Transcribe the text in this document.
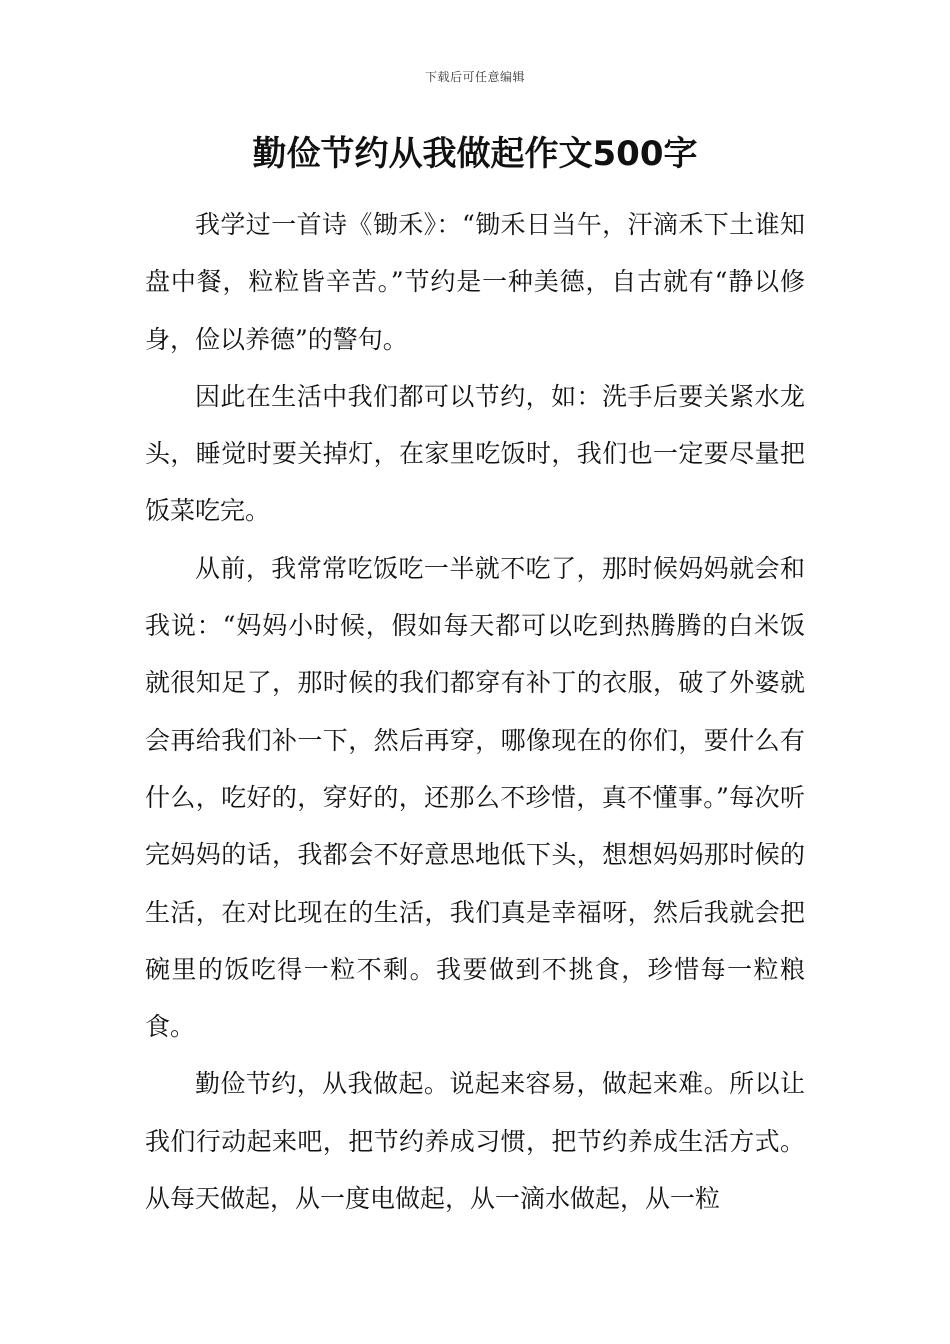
下载后可任意编辑
勤俭节约从我做起作文500字

我学过一首诗《锄禾》：“锄禾日当午，汗滴禾下土谁知盘中餐，粒粒皆辛苦。”节约是一种美德，自古就有“静以修身，俭以养德”的警句。

因此在生活中我们都可以节约，如：洗手后要关紧水龙头，睡觉时要关掉灯，在家里吃饭时，我们也一定要尽量把饭菜吃完。

从前，我常常吃饭吃一半就不吃了，那时候妈妈就会和我说：“妈妈小时候，假如每天都可以吃到热腾腾的白米饭就很知足了，那时候的我们都穿有补丁的衣服，破了外婆就会再给我们补一下，然后再穿，哪像现在的你们，要什么有什么，吃好的，穿好的，还那么不珍惜，真不懂事。”每次听完妈妈的话，我都会不好意思地低下头，想想妈妈那时候的生活，在对比现在的生活，我们真是幸福呀，然后我就会把碗里的饭吃得一粒不剩。我要做到不挑食，珍惜每一粒粮食。

勤俭节约，从我做起。说起来容易，做起来难。所以让我们行动起来吧，把节约养成习惯，把节约养成生活方式。从每天做起，从一度电做起，从一滴水做起，从一粒
